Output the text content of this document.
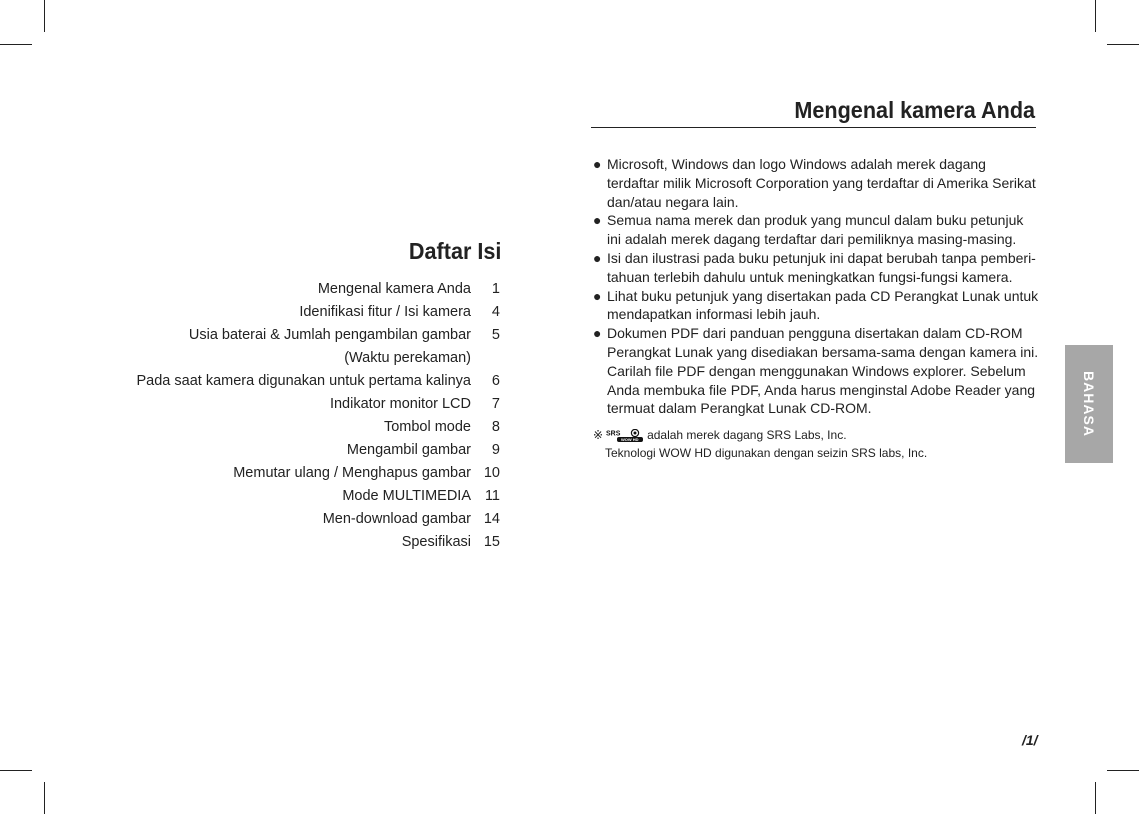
Daftar Isi
Mengenal kamera Anda	1
Idenifikasi fitur / Isi kamera	4
Usia baterai & Jumlah pengambilan gambar	5
(Waktu perekaman)
Pada saat kamera digunakan untuk pertama kalinya	6
Indikator monitor LCD	7
Tombol mode	8
Mengambil gambar	9
Memutar ulang / Menghapus gambar 10
Mode MULTIMEDIA 11
Men-download gambar 14
Spesifikasi 15
Mengenal kamera Anda
● Microsoft, Windows dan logo Windows adalah merek dagang
terdaftar milik Microsoft Corporation yang terdaftar di Amerika Serikat
dan/atau negara lain.
● Semua nama merek dan produk yang muncul dalam buku petunjuk
ini adalah merek dagang terdaftar dari pemiliknya masing-masing.
● Isi dan ilustrasi pada buku petunjuk ini dapat berubah tanpa pemberi-
tahuan terlebih dahulu untuk meningkatkan fungsi-fungsi kamera.
● Lihat buku petunjuk yang disertakan pada CD Perangkat Lunak untuk
mendapatkan informasi lebih jauh.
● Dokumen PDF dari panduan pengguna disertakan dalam CD-ROM
Perangkat Lunak yang disediakan bersama-sama dengan kamera ini.
Carilah file PDF dengan menggunakan Windows explorer. Sebelum
Anda membuka file PDF, Anda harus menginstal Adobe Reader yang
termuat dalam Perangkat Lunak CD-ROM.
※ SRS
WOW HD adalah merek dagang SRS Labs, Inc.
Teknologi WOW HD digunakan dengan seizin SRS labs, Inc.
BAHASA
/1/
